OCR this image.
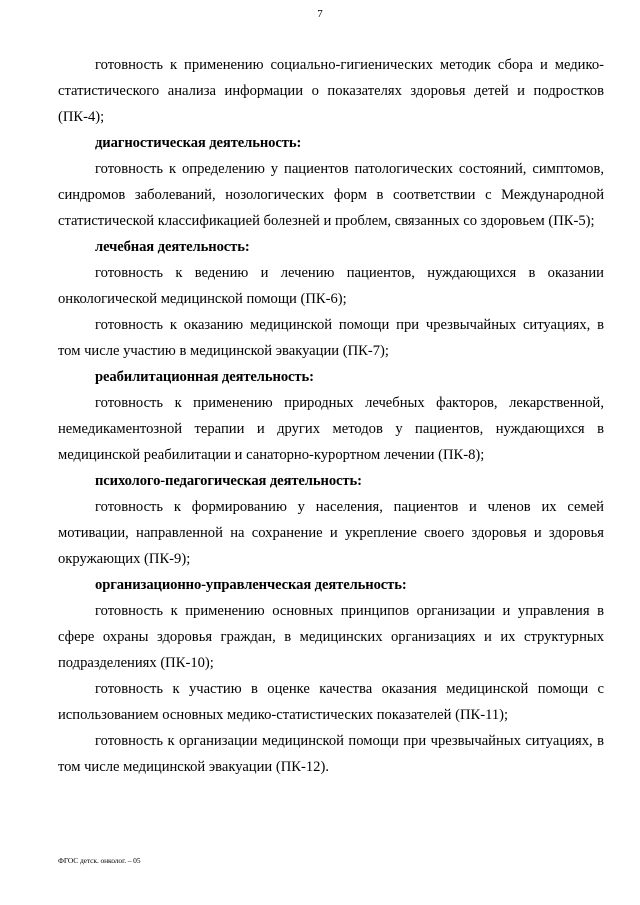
7

готовность к применению социально-гигиенических методик сбора и медико-статистического анализа информации о показателях здоровья детей и подростков (ПК-4);

диагностическая деятельность:

готовность к определению у пациентов патологических состояний, симптомов, синдромов заболеваний, нозологических форм в соответствии с Международной статистической классификацией болезней и проблем, связанных со здоровьем (ПК-5);

лечебная деятельность:

готовность к ведению и лечению пациентов, нуждающихся в оказании онкологической медицинской помощи (ПК-6);

готовность к оказанию медицинской помощи при чрезвычайных ситуациях, в том числе участию в медицинской эвакуации (ПК-7);

реабилитационная деятельность:

готовность к применению природных лечебных факторов, лекарственной, немедикаментозной терапии и других методов у пациентов, нуждающихся в медицинской реабилитации и санаторно-курортном лечении (ПК-8);

психолого-педагогическая деятельность:

готовность к формированию у населения, пациентов и членов их семей мотивации, направленной на сохранение и укрепление своего здоровья и здоровья окружающих (ПК-9);

организационно-управленческая деятельность:

готовность к применению основных принципов организации и управления в сфере охраны здоровья граждан, в медицинских организациях и их структурных подразделениях (ПК-10);

готовность к участию в оценке качества оказания медицинской помощи с использованием основных медико-статистических показателей (ПК-11);

готовность к организации медицинской помощи при чрезвычайных ситуациях, в том числе медицинской эвакуации (ПК-12).

ФГОС детск. онколог. – 05
